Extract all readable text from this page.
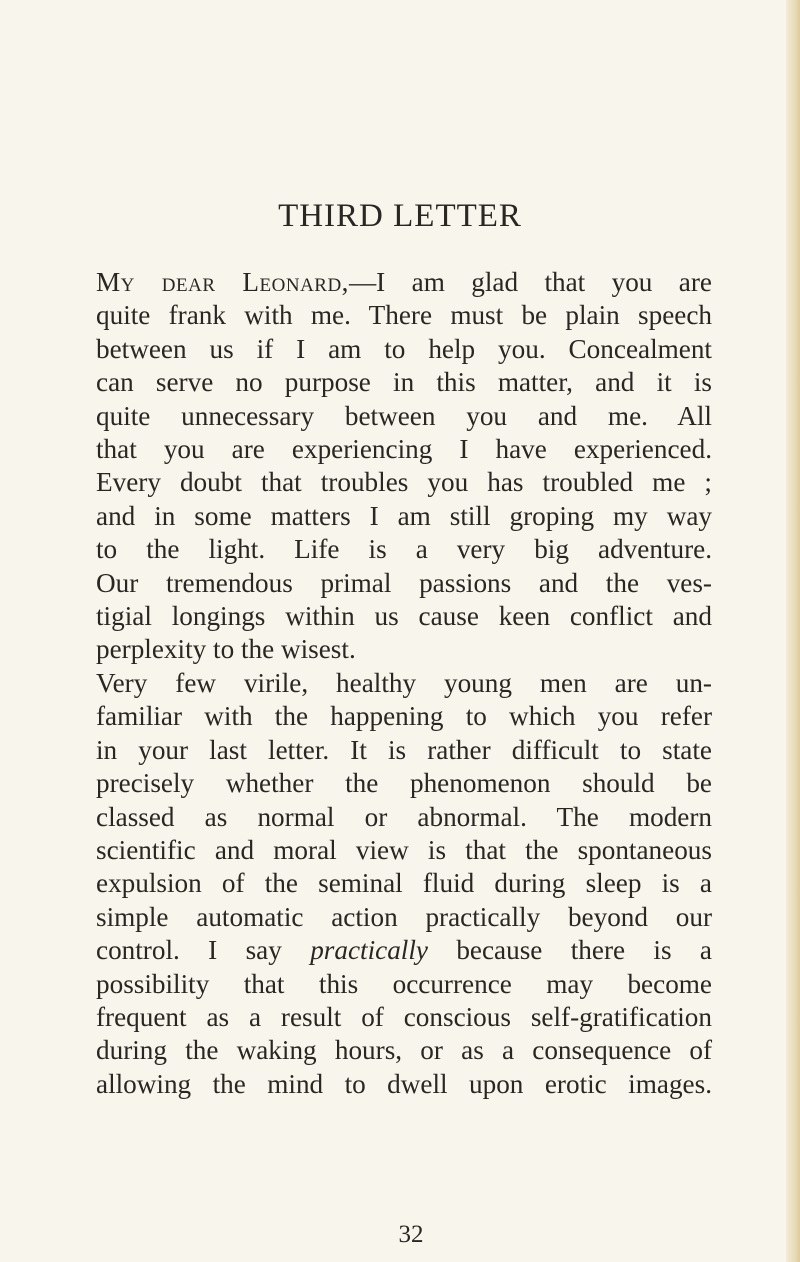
THIRD LETTER
My dear Leonard,—I am glad that you are
quite frank with me. There must be plain speech
between us if I am to help you. Concealment
can serve no purpose in this matter, and it is
quite unnecessary between you and me. All
that you are experiencing I have experienced.
Every doubt that troubles you has troubled me ;
and in some matters I am still groping my way
to the light. Life is a very big adventure.
Our tremendous primal passions and the ves-
tigial longings within us cause keen conflict and
perplexity to the wisest.
Very few virile, healthy young men are un-
familiar with the happening to which you refer
in your last letter. It is rather difficult to state
precisely whether the phenomenon should be
classed as normal or abnormal. The modern
scientific and moral view is that the spontaneous
expulsion of the seminal fluid during sleep is a
simple automatic action practically beyond our
control. I say practically because there is a
possibility that this occurrence may become
frequent as a result of conscious self-gratification
during the waking hours, or as a consequence of
allowing the mind to dwell upon erotic images.
32
